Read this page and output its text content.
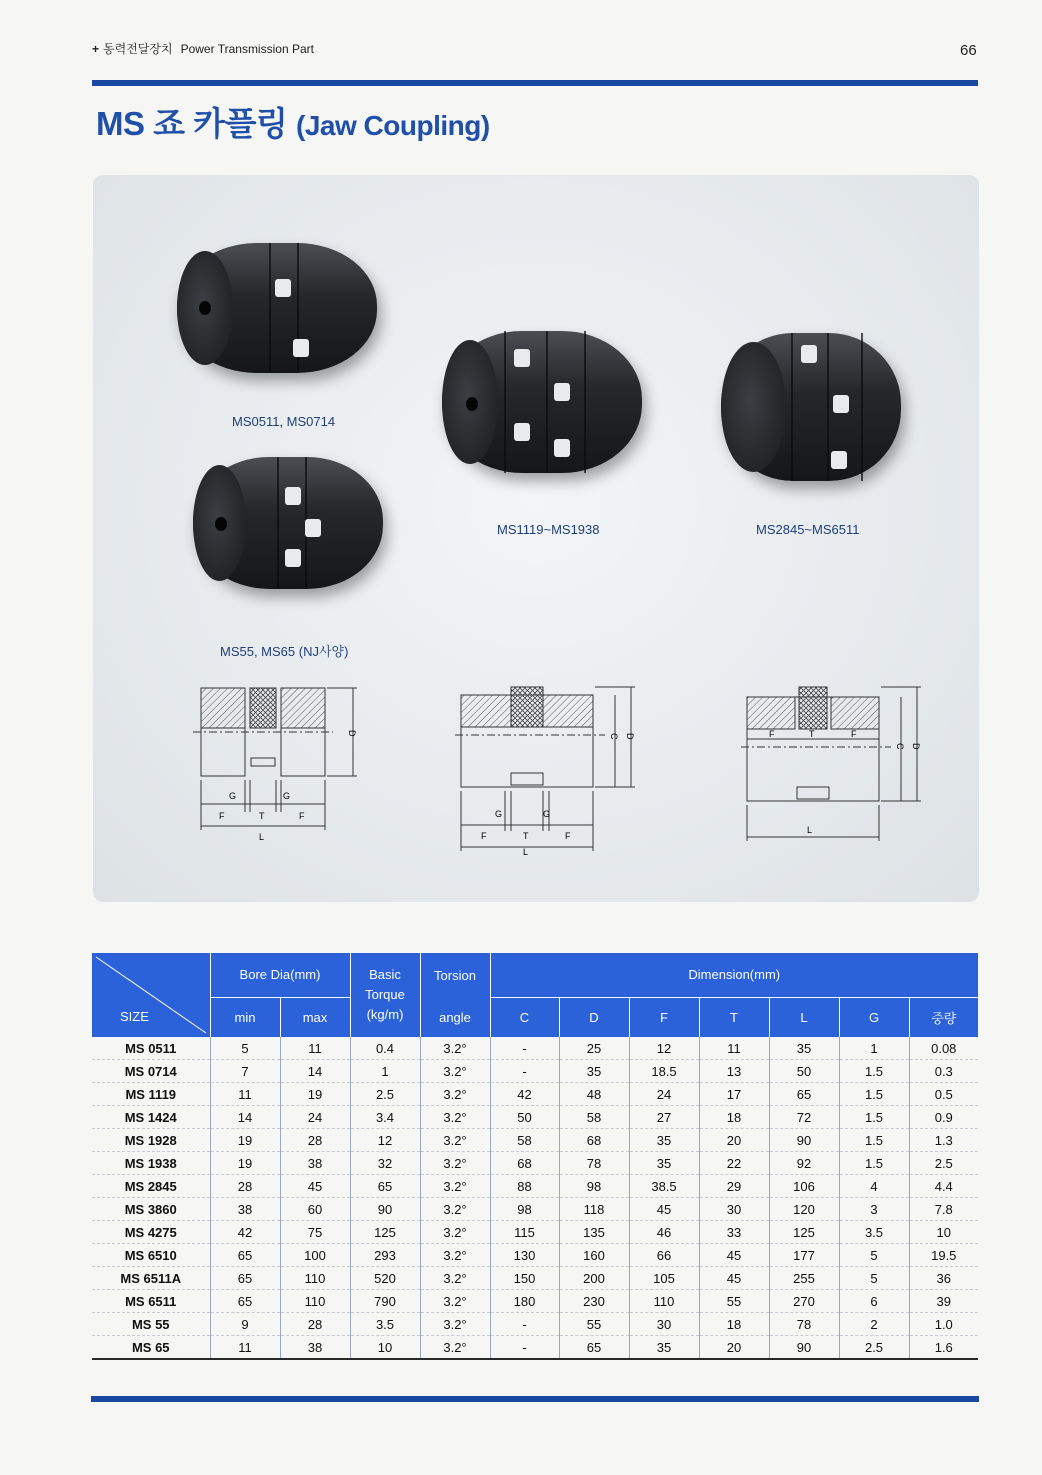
+ 동력전달장치 Power Transmission Part	66
MS 죠 카플링 (Jaw Coupling)
MS0511, MS0714
MS55, MS65 (NJ사양)
MS1119~MS1938	MS2845~MS6511
D
G	G
F	T	F
L
C D
G	G
F	T	F
L
F	T	F
C D
L
SIZE	Bore Dia(mm)		Basic Torque (kg/m)	Torsion	Dimension(mm)						
	min	max		angle	C	D	F	T	L	G	중량
MS 0511	5	11	0.4	3.2°	-	25	12	11	35	1	0.08
MS 0714	7	14	1	3.2°	-	35	18.5	13	50	1.5	0.3
MS 1119	11	19	2.5	3.2°	42	48	24	17	65	1.5	0.5
MS 1424	14	24	3.4	3.2°	50	58	27	18	72	1.5	0.9
MS 1928	19	28	12	3.2°	58	68	35	20	90	1.5	1.3
MS 1938	19	38	32	3.2°	68	78	35	22	92	1.5	2.5
MS 2845	28	45	65	3.2°	88	98	38.5	29	106	4	4.4
MS 3860	38	60	90	3.2°	98	118	45	30	120	3	7.8
MS 4275	42	75	125	3.2°	115	135	46	33	125	3.5	10
MS 6510	65	100	293	3.2°	130	160	66	45	177	5	19.5
MS 6511A	65	110	520	3.2°	150	200	105	45	255	5	36
MS 6511	65	110	790	3.2°	180	230	110	55	270	6	39
MS 55	9	28	3.5	3.2°	-	55	30	18	78	2	1.0
MS 65	11	38	10	3.2°	-	65	35	20	90	2.5	1.6
